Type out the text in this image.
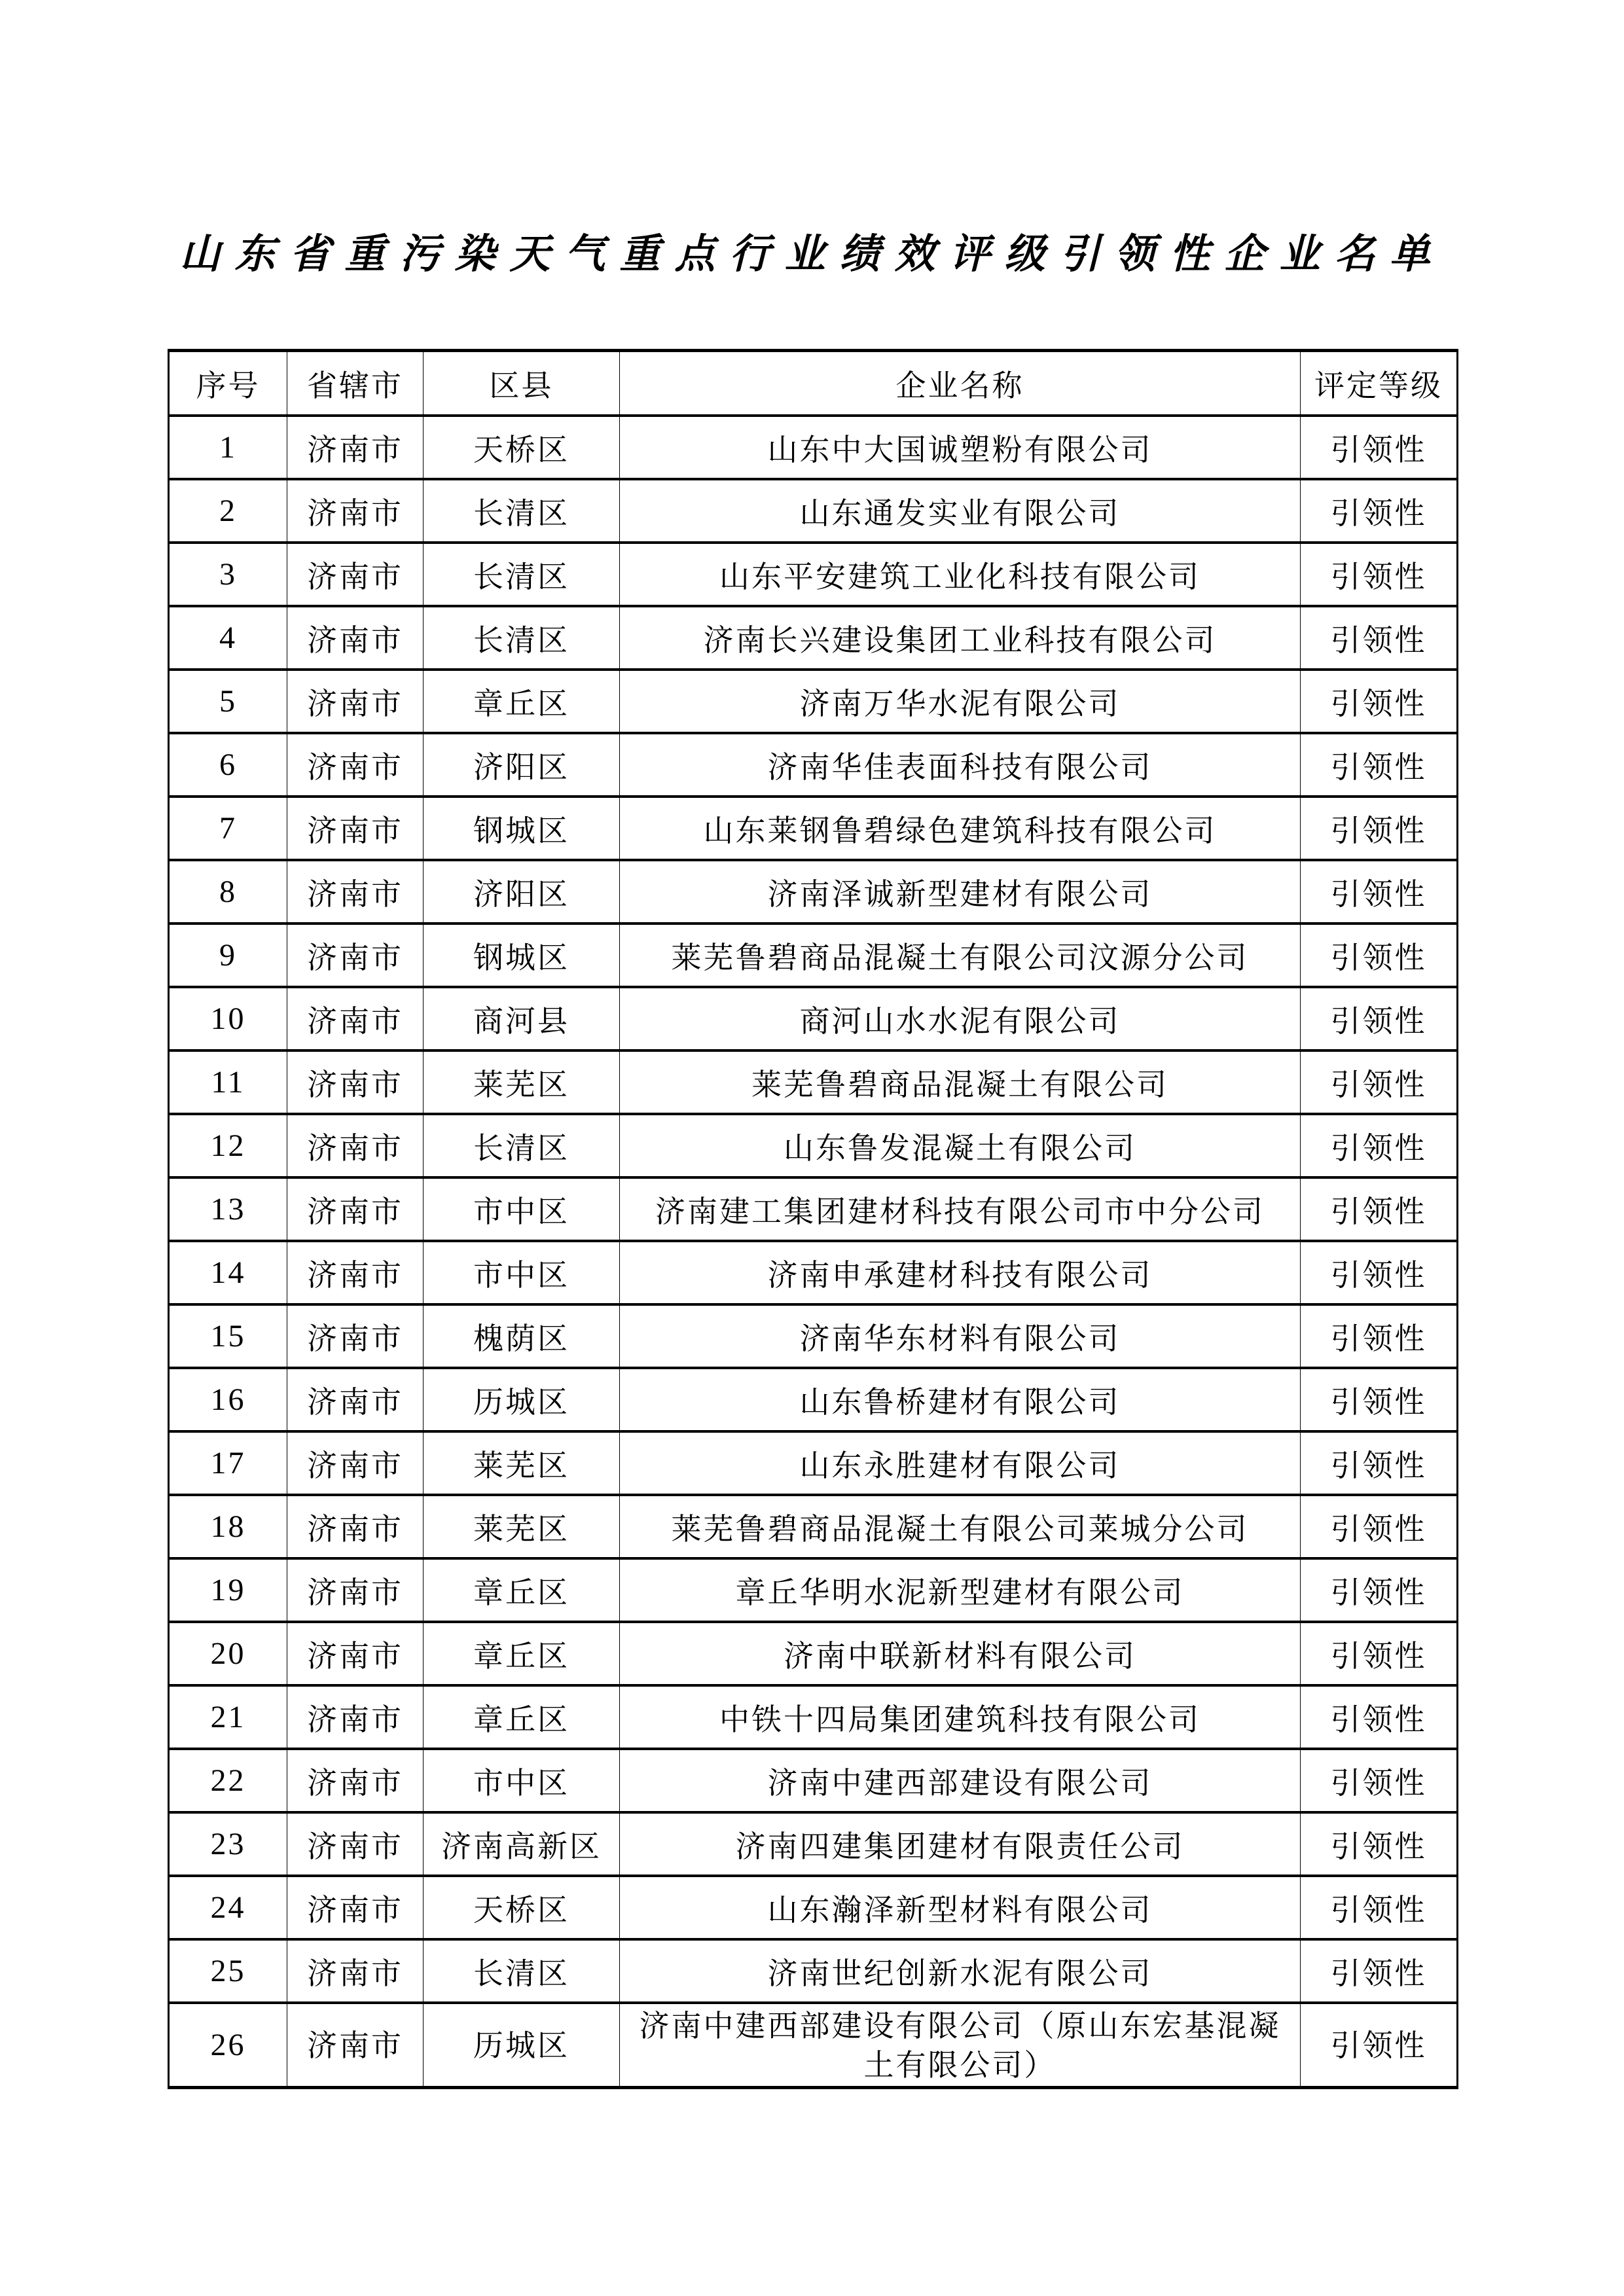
山东省重污染天气重点行业绩效评级引领性企业名单
序号	省辖市	区县	企业名称	评定等级
1	济南市	天桥区	山东中大国诚塑粉有限公司	引领性
2	济南市	长清区	山东通发实业有限公司	引领性
3	济南市	长清区	山东平安建筑工业化科技有限公司	引领性
4	济南市	长清区	济南长兴建设集团工业科技有限公司	引领性
5	济南市	章丘区	济南万华水泥有限公司	引领性
6	济南市	济阳区	济南华佳表面科技有限公司	引领性
7	济南市	钢城区	山东莱钢鲁碧绿色建筑科技有限公司	引领性
8	济南市	济阳区	济南泽诚新型建材有限公司	引领性
9	济南市	钢城区	莱芜鲁碧商品混凝土有限公司汶源分公司	引领性
10	济南市	商河县	商河山水水泥有限公司	引领性
11	济南市	莱芜区	莱芜鲁碧商品混凝土有限公司	引领性
12	济南市	长清区	山东鲁发混凝土有限公司	引领性
13	济南市	市中区	济南建工集团建材科技有限公司市中分公司	引领性
14	济南市	市中区	济南申承建材科技有限公司	引领性
15	济南市	槐荫区	济南华东材料有限公司	引领性
16	济南市	历城区	山东鲁桥建材有限公司	引领性
17	济南市	莱芜区	山东永胜建材有限公司	引领性
18	济南市	莱芜区	莱芜鲁碧商品混凝土有限公司莱城分公司	引领性
19	济南市	章丘区	章丘华明水泥新型建材有限公司	引领性
20	济南市	章丘区	济南中联新材料有限公司	引领性
21	济南市	章丘区	中铁十四局集团建筑科技有限公司	引领性
22	济南市	市中区	济南中建西部建设有限公司	引领性
23	济南市	济南高新区	济南四建集团建材有限责任公司	引领性
24	济南市	天桥区	山东瀚泽新型材料有限公司	引领性
25	济南市	长清区	济南世纪创新水泥有限公司	引领性
26	济南市	历城区	济南中建西部建设有限公司（原山东宏基混凝土有限公司）	引领性
